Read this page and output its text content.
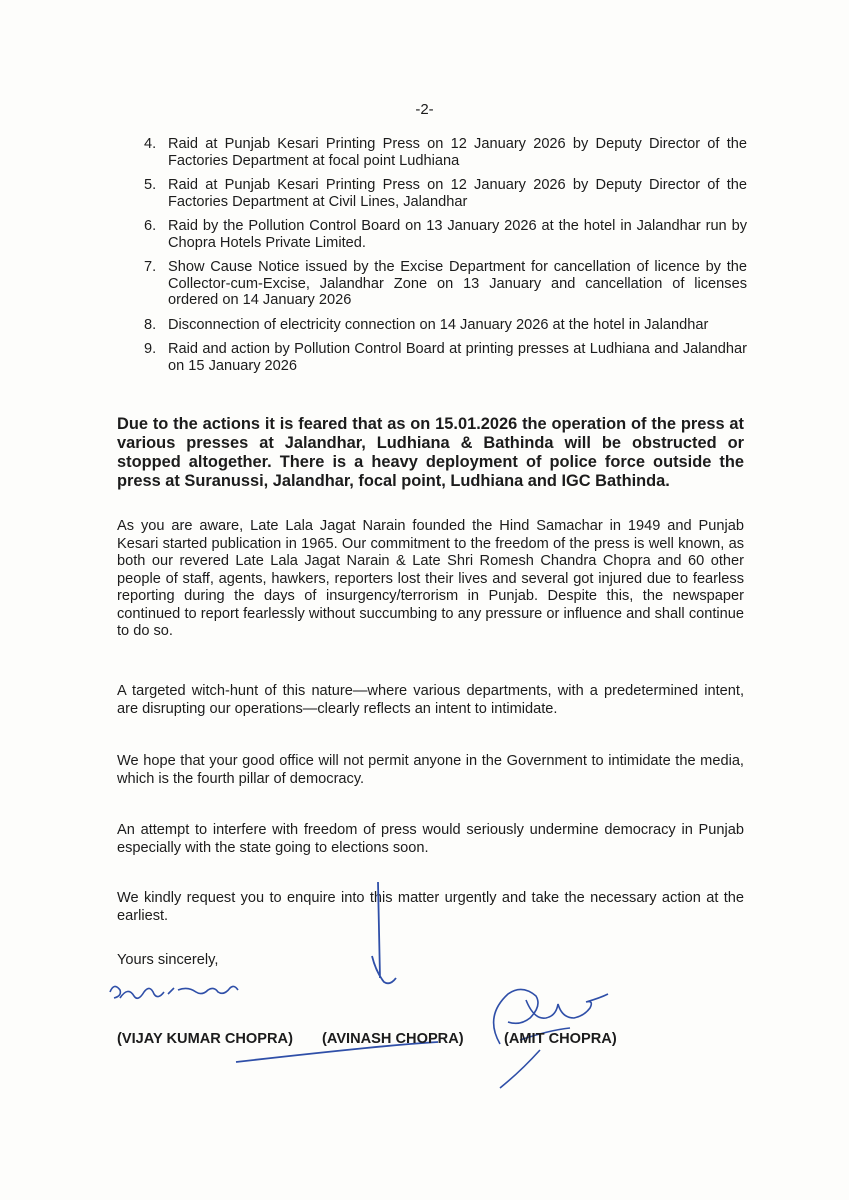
-2-
4. Raid at Punjab Kesari Printing Press on 12 January 2026 by Deputy Director of the Factories Department at focal point Ludhiana
5. Raid at Punjab Kesari Printing Press on 12 January 2026 by Deputy Director of the Factories Department at Civil Lines, Jalandhar
6. Raid by the Pollution Control Board on 13 January 2026 at the hotel in Jalandhar run by Chopra Hotels Private Limited.
7. Show Cause Notice issued by the Excise Department for cancellation of licence by the Collector-cum-Excise, Jalandhar Zone on 13 January and cancellation of licenses ordered on 14 January 2026
8. Disconnection of electricity connection on 14 January 2026 at the hotel in Jalandhar
9. Raid and action by Pollution Control Board at printing presses at Ludhiana and Jalandhar on 15 January 2026
Due to the actions it is feared that as on 15.01.2026 the operation of the press at various presses at Jalandhar, Ludhiana & Bathinda will be obstructed or stopped altogether. There is a heavy deployment of police force outside the press at Suranussi, Jalandhar, focal point, Ludhiana and IGC Bathinda.

As you are aware, Late Lala Jagat Narain founded the Hind Samachar in 1949 and Punjab Kesari started publication in 1965. Our commitment to the freedom of the press is well known, as both our revered Late Lala Jagat Narain & Late Shri Romesh Chandra Chopra and 60 other people of staff, agents, hawkers, reporters lost their lives and several got injured due to fearless reporting during the days of insurgency/terrorism in Punjab. Despite this, the newspaper continued to report fearlessly without succumbing to any pressure or influence and shall continue to do so.

A targeted witch-hunt of this nature—where various departments, with a predetermined intent, are disrupting our operations—clearly reflects an intent to intimidate.

We hope that your good office will not permit anyone in the Government to intimidate the media, which is the fourth pillar of democracy.

An attempt to interfere with freedom of press would seriously undermine democracy in Punjab especially with the state going to elections soon.

We kindly request you to enquire into this matter urgently and take the necessary action at the earliest.

Yours sincerely,
(VIJAY KUMAR CHOPRA) (AVINASH CHOPRA)	(AMIT CHOPRA)
